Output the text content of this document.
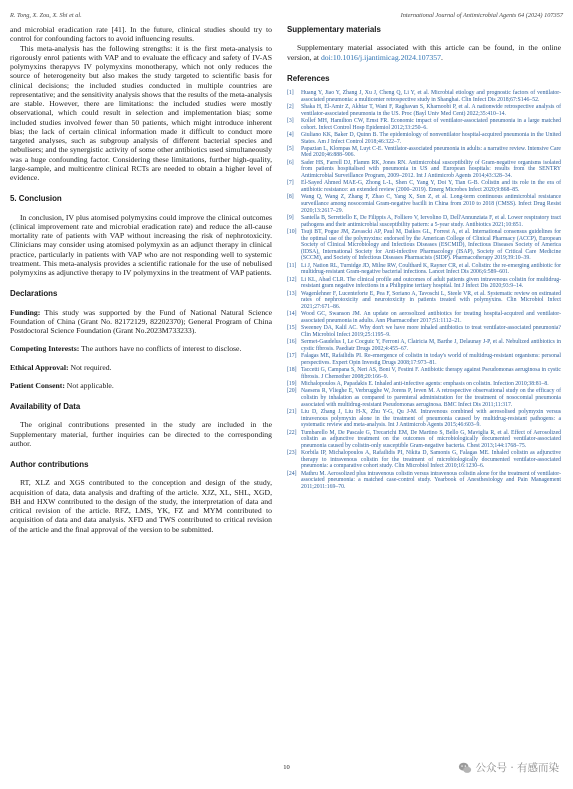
R. Tong, X. Zou, X. Shi et al.	International Journal of Antimicrobial Agents 64 (2024) 107357

and microbial eradication rate [41]. In the future, clinical studies should try to control for confounding factors to avoid influencing results.

This meta-analysis has the following strengths: it is the first meta-analysis to rigorously enrol patients with VAP and to evaluate the efficacy and safety of IV-AS polymyxins therapyvs IV polymyxins monotherapy, which not only reduces the source of heterogeneity but also makes the study targeted to scientific basis for clinical decisions; the included studies conducted in multiple countries are representative; and the sensitivity analysis shows that the results of the meta-analysis are stable. However, there are limitations: the included studies were mostly observational, which could result in selection and implementation bias; some included studies involved fewer than 50 patients, which might introduce inherent bias; the lack of certain clinical information made it difficult to conduct more targeted analyses, such as subgroup analysis of different bacterial species and nebulisers; and the synergistic activity of some other antibiotics used simultaneously was a huge confounding factor. Considering these limitations, further high-quality, large-sample, and multicentre clinical RCTs are needed to obtain a higher level of evidence.

5. Conclusion

In conclusion, IV plus atomised polymyxins could improve the clinical outcomes (clinical improvement rate and microbial eradication rate) and reduce the all-cause mortality rate of patients with VAP without increasing the risk of nephrotoxicity. Clinicians may consider using atomised polymyxin as an adjunct therapy in clinical practice, particularly in patients with VAP who are not responding well to systemic treatment. This meta-analysis provides a scientific rationale for the use of nebulised polymyxins as adjunctive therapy to IV polymyxins in the treatment of VAP patients.

Declarations

Funding: This study was supported by the Fund of National Natural Science Foundation of China (Grant No. 82172129, 82202370); General Program of China Postdoctoral Science Foundation (Grant No.2023M733233).

Competing Interests: The authors have no conflicts of interest to disclose.

Ethical Approval: Not required.

Patient Consent: Not applicable.

Availability of Data

The original contributions presented in the study are included in the Supplementary material, further inquiries can be directed to the corresponding author.

Author contributions

RT, XLZ and XGS contributed to the conception and design of the study, acquisition of data, data analysis and drafting of the article. XJZ, XL, SHL, XGD, BH and HXW contributed to the design of the study, the interpretation of data and critical revision of the article. RFZ, LMS, YK, FZ and MYM contributed to acquisition of data and data analysis. XFD and TWS contributed to critical revision of the article and the final approval of the version to be submitted.

Supplementary materials

Supplementary material associated with this article can be found, in the online version, at doi:10.1016/j.ijantimicag.2024.107357.

References

[1]	Huang Y, Jiao Y, Zhang J, Xu J, Cheng Q, Li Y, et al. Microbial etiology and prognostic factors of ventilator-associated pneumonia: a multicenter retrospective study in Shanghai. Clin Infect Dis 2018;67:S146–52.
[2]	Shaka H, El-Amir Z, Akhtar T, Wani F, Raghavan S, Kharnoobi P, et al. A nationwide retrospective analysis of ventilator-associated pneumonia in the US. Proc (Bayl Univ Med Cent) 2022;35:410–14.
[3]	Kollef MH, Hamilton CW, Ernst FR. Economic impact of ventilator-associated pneumonia in a large matched cohort. Infect Control Hosp Epidemiol 2012;33:250–6.
[4]	Giuliano KK, Baker D, Quinn B. The epidemiology of nonventilator hospital-acquired pneumonia in the United States. Am J Infect Control 2018;46:322–7.
[5]	Papazian L, Klompas M, Luyt C-E. Ventilator-associated pneumonia in adults: a narrative review. Intensive Care Med 2020;46:888–906.
[6]	Sader HS, Farrell DJ, Flamm RK, Jones RN. Antimicrobial susceptibility of Gram-negative organisms isolated from patients hospitalised with pneumonia in US and European hospitals: results from the SENTRY Antimicrobial Surveillance Program, 2009–2012. Int J Antimicrob Agents 2014;43:328–34.
[7]	El-Sayed Ahmed MAE-G, Zhong L-L, Shen C, Yang Y, Doi Y, Tian G-B. Colistin and its role in the era of antibiotic resistance: an extended review (2000–2019). Emerg Microbes Infect 2020;9:868–85.
[8]	Wang Q, Wang Z, Zhang F, Zhao C, Yang X, Sun Z, et al. Long-term continuous antimicrobial resistance surveillance among nosocomial Gram-negative bacilli in China from 2010 to 2018 (CMSS). Infect Drug Resist 2020;13:2617–29.
[9]	Santella B, Serretiello E, De Filippis A, Folliero V, Iervolino D, Dell'Annunziata F, et al. Lower respiratory tract pathogens and their antimicrobial susceptibility pattern: a 5-year study. Antibiotics 2021;10:851.
[10] Tsuji BT, Pogue JM, Zavascki AP, Paul M, Daikos GL, Forrest A, et al. International consensus guidelines for the optimal use of the polymyxins: endorsed by the American College of Clinical Pharmacy (ACCP), European Society of Clinical Microbiology and Infectious Diseases (ESCMID), Infectious Diseases Society of America (IDSA), International Society for Anti-infective Pharmacology (ISAP), Society of Critical Care Medicine (SCCM), and Society of Infectious Diseases Pharmacists (SIDP). Pharmacotherapy 2019;39:10–39.
[11] Li J, Nation RL, Turnidge JD, Milne RW, Coulthard K, Rayner CR, et al. Colistin: the re-emerging antibiotic for multidrug-resistant Gram-negative bacterial infections. Lancet Infect Dis 2006;6:589–601.
[12] Li KL, Abad CLR. The clinical profile and outcomes of adult patients given intravenous colistin for multidrug-resistant gram negative infections in a Philippine tertiary hospital. Int J Infect Dis 2020;93:9–14.
[13] Wagenlehner F, Lucenteforte E, Pea F, Soriano A, Tavoschi L, Steele VR, et al. Systematic review on estimated rates of nephrotoxicity and neurotoxicity in patients treated with polymyxins. Clin Microbiol Infect 2021;27:671–86.
[14] Wood GC, Swanson JM. An update on aerosolized antibiotics for treating hospital-acquired and ventilator-associated pneumonia in adults. Ann Pharmacother 2017;51:1112–21.
[15] Sweeney DA, Kalil AC. Why don't we have more inhaled antibiotics to treat ventilator-associated pneumonia? Clin Microbiol Infect 2019;25:1195–9.
[16] Sermet-Gaudelus I, Le Cocguic Y, Ferroni A, Clairicia M, Barthe J, Delaunay J-P, et al. Nebulized antibiotics in cystic fibrosis. Paediatr Drugs 2002;4:455–67.
[17] Falagas ME, Rafailidis PI. Re-emergence of colistin in today's world of multidrug-resistant organisms: personal perspectives. Expert Opin Investig Drugs 2008;17:973–81.
[18] Taccetti G, Campana S, Neri AS, Boni V, Festini F. Antibiotic therapy against Pseudomonas aeruginosa in cystic fibrosis. J Chemother 2008;20:166–9.
[19] Michalopoulos A, Papadakis E. Inhaled anti-infective agents: emphasis on colistin. Infection 2010;38:81–8.
[20] Naesens R, Vlieghe E, Verbrugghe W, Jorens P, Ieven M. A retrospective observational study on the efficacy of colistin by inhalation as compared to parenteral administration for the treatment of nosocomial pneumonia associated with multidrug-resistant Pseudomonas aeruginosa. BMC Infect Dis 2011;11:317.
[21] Liu D, Zhang J, Liu H-X, Zhu Y-G, Qu J-M. Intravenous combined with aerosolised polymyxin versus intravenous polymyxin alone in the treatment of pneumonia caused by multidrug-resistant pathogens: a systematic review and meta-analysis. Int J Antimicrob Agents 2015;46:603–9.
[22] Tumbarello M, De Pascale G, Trecarichi EM, De Martino S, Bello G, Maviglia R, et al. Effect of Aerosolized colistin as adjunctive treatment on the outcomes of microbiologically documented ventilator-associated pneumonia caused by colistin-only susceptible Gram-negative bacteria. Chest 2013;144:1768–75.
[23] Korbila IP, Michalopoulos A, Rafailidis PI, Nikita D, Samonis G, Falagas ME. Inhaled colistin as adjunctive therapy to intravenous colistin for the treatment of microbiologically documented ventilator-associated pneumonia: a comparative cohort study. Clin Microbiol Infect 2010;16:1230–6.
[24] Mathru M. Aerosolized plus intravenous colistin versus intravenous colistin alone for the treatment of ventilator-associated pneumonia: a matched case-control study. Yearbook of Anesthesiology and Pain Management 2011;2011:169–70.
10	公众号 · 有感而染
